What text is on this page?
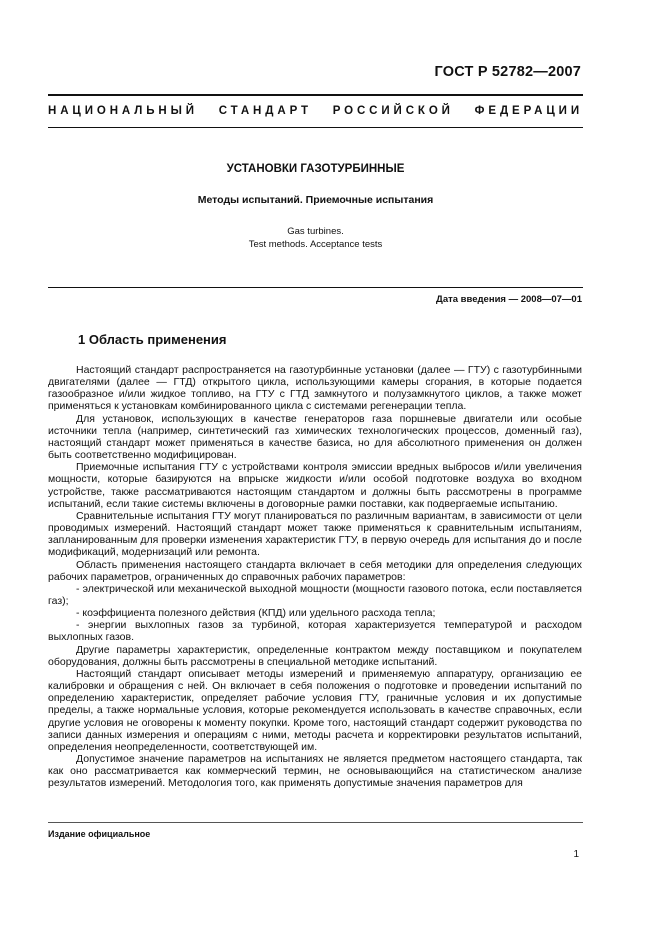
ГОСТ Р 52782—2007
НАЦИОНАЛЬНЫЙ СТАНДАРТ РОССИЙСКОЙ ФЕДЕРАЦИИ
УСТАНОВКИ ГАЗОТУРБИННЫЕ
Методы испытаний. Приемочные испытания
Gas turbines.
Test methods. Acceptance tests
Дата введения — 2008—07—01
1 Область применения

Настоящий стандарт распространяется на газотурбинные установки (далее — ГТУ) с газотурбинными двигателями (далее — ГТД) открытого цикла, использующими камеры сгорания, в которые подается газообразное и/или жидкое топливо, на ГТУ с ГТД замкнутого и полузамкнутого циклов, а также может применяться к установкам комбинированного цикла с системами регенерации тепла.

Для установок, использующих в качестве генераторов газа поршневые двигатели или особые источники тепла (например, синтетический газ химических технологических процессов, доменный газ), настоящий стандарт может применяться в качестве базиса, но для абсолютного применения он должен быть соответственно модифицирован.

Приемочные испытания ГТУ с устройствами контроля эмиссии вредных выбросов и/или увеличения мощности, которые базируются на впрыске жидкости и/или особой подготовке воздуха во входном устройстве, также рассматриваются настоящим стандартом и должны быть рассмотрены в программе испытаний, если такие системы включены в договорные рамки поставки, как подвергаемые испытанию.

Сравнительные испытания ГТУ могут планироваться по различным вариантам, в зависимости от цели проводимых измерений. Настоящий стандарт может также применяться к сравнительным испытаниям, запланированным для проверки изменения характеристик ГТУ, в первую очередь для испытания до и после модификаций, модернизаций или ремонта.

Область применения настоящего стандарта включает в себя методики для определения следующих рабочих параметров, ограниченных до справочных рабочих параметров:

- электрической или механической выходной мощности (мощности газового потока, если поставляется газ);

- коэффициента полезного действия (КПД) или удельного расхода тепла;

- энергии выхлопных газов за турбиной, которая характеризуется температурой и расходом выхлопных газов.

Другие параметры характеристик, определенные контрактом между поставщиком и покупателем оборудования, должны быть рассмотрены в специальной методике испытаний.

Настоящий стандарт описывает методы измерений и применяемую аппаратуру, организацию ее калибровки и обращения с ней. Он включает в себя положения о подготовке и проведении испытаний по определению характеристик, определяет рабочие условия ГТУ, граничные условия и их допустимые пределы, а также нормальные условия, которые рекомендуется использовать в качестве справочных, если другие условия не оговорены к моменту покупки. Кроме того, настоящий стандарт содержит руководства по записи данных измерения и операциям с ними, методы расчета и корректировки результатов испытаний, определения неопределенности, соответствующей им.

Допустимое значение параметров на испытаниях не является предметом настоящего стандарта, так как оно рассматривается как коммерческий термин, не основывающийся на статистическом анализе результатов измерений. Методология того, как применять допустимые значения параметров для

Издание официальное
1
